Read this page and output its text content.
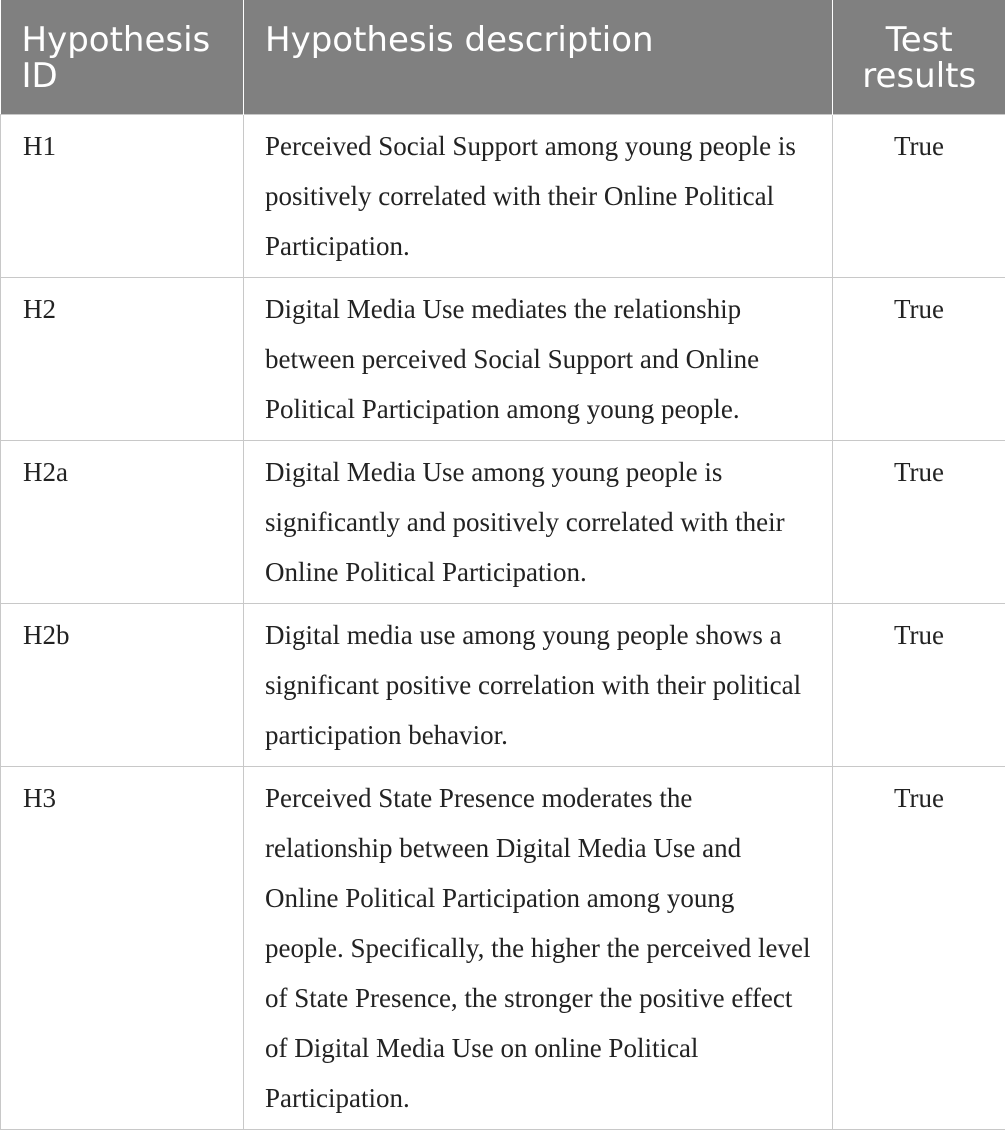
Hypothesis ID	Hypothesis description	Test results
H1	Perceived Social Support among young people is positively correlated with their Online Political Participation.	True
H2	Digital Media Use mediates the relationship between perceived Social Support and Online Political Participation among young people.	True
H2a	Digital Media Use among young people is significantly and positively correlated with their Online Political Participation.	True
H2b	Digital media use among young people shows a significant positive correlation with their political participation behavior.	True
H3	Perceived State Presence moderates the relationship between Digital Media Use and Online Political Participation among young people. Specifically, the higher the perceived level of State Presence, the stronger the positive effect of Digital Media Use on online Political Participation.	True
